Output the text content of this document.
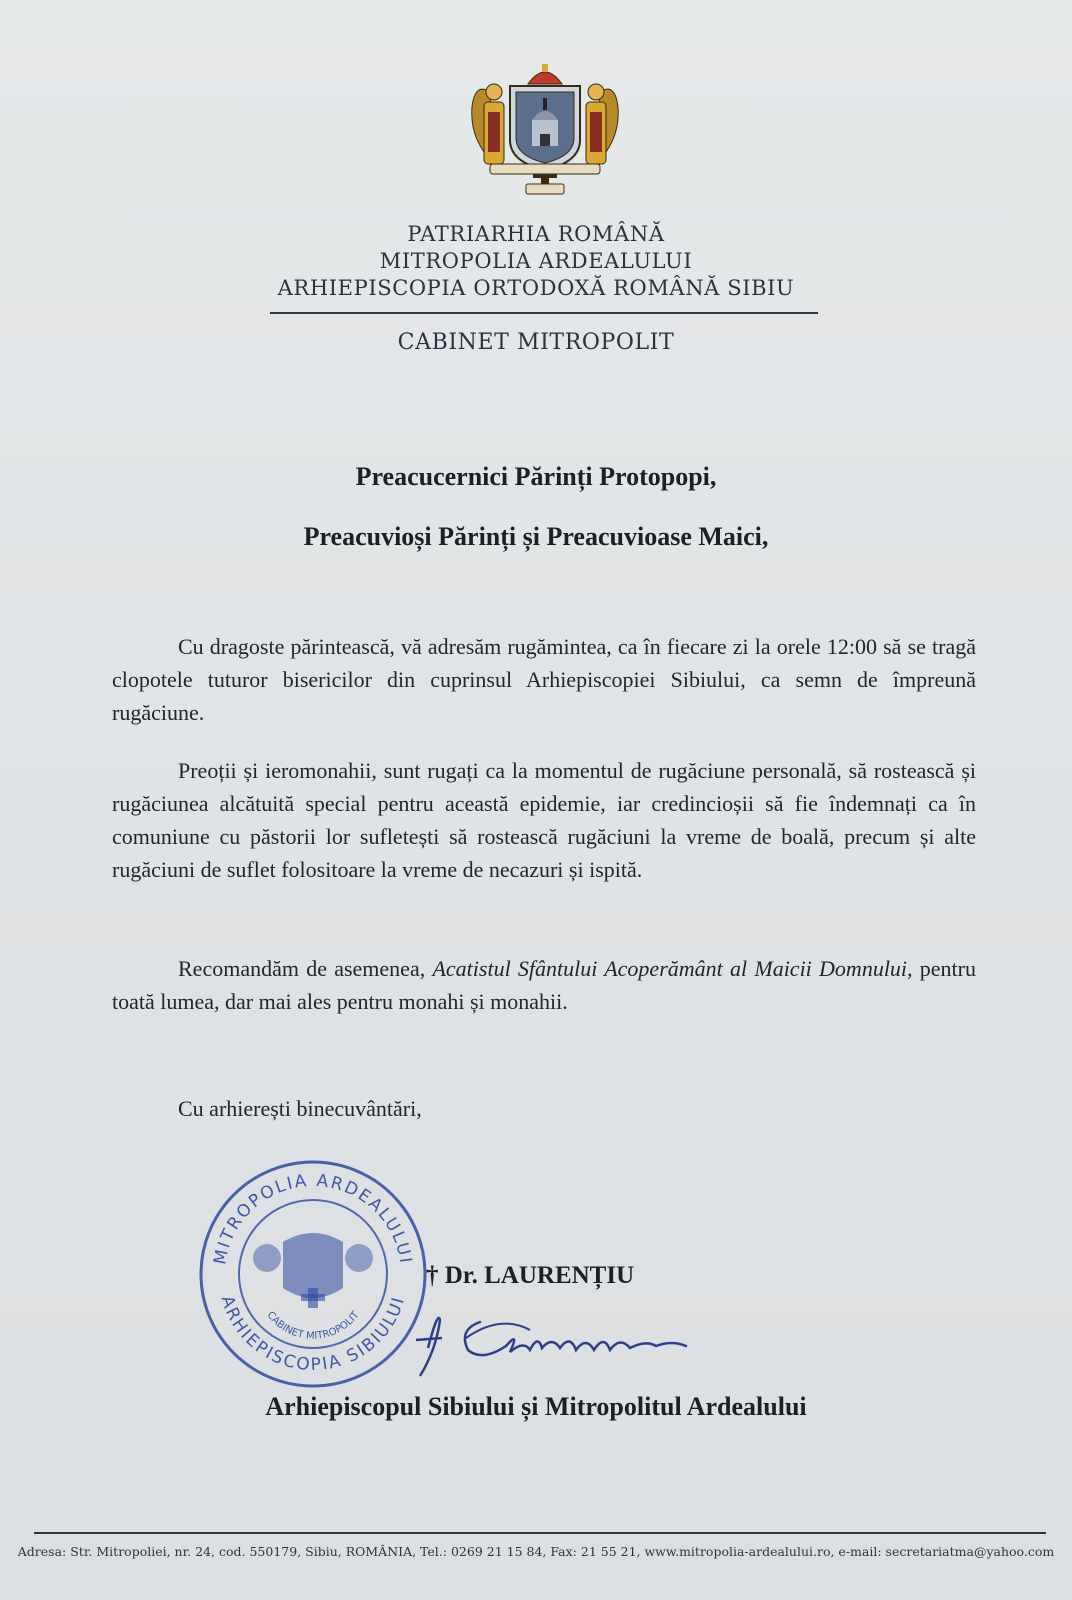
PATRIARHIA ROMÂNĂ
MITROPOLIA ARDEALULUI
ARHIEPISCOPIA ORTODOXĂ ROMÂNĂ SIBIU
CABINET MITROPOLIT
Preacucernici Părinți Protopopi,
Preacuvioși Părinți și Preacuvioase Maici,
Cu dragoste părintească, vă adresăm rugămintea, ca în fiecare zi la orele 12:00 să se tragă clopotele tuturor bisericilor din cuprinsul Arhiepiscopiei Sibiului, ca semn de împreună rugăciune.
Preoții și ieromonahii, sunt rugați ca la momentul de rugăciune personală, să rostească și rugăciunea alcătuită special pentru această epidemie, iar credincioșii să fie îndemnați ca în comuniune cu păstorii lor sufletești să rostească rugăciuni la vreme de boală, precum și alte rugăciuni de suflet folositoare la vreme de necazuri și ispită.
Recomandăm de asemenea, Acatistul Sfântului Acoperământ al Maicii Domnului, pentru toată lumea, dar mai ales pentru monahi și monahii.
Cu arhierești binecuvântări,
MITROPOLIA ARDEALULUI
ARHIEPISCOPIA SIBIULUI
CABINET MITROPOLIT
† Dr. LAURENȚIU
Arhiepiscopul Sibiului și Mitropolitul Ardealului
Adresa: Str. Mitropoliei, nr. 24, cod. 550179, Sibiu, ROMÂNIA, Tel.: 0269 21 15 84, Fax: 21 55 21, www.mitropolia-ardealului.ro, e-mail: secretariatma@yahoo.com
